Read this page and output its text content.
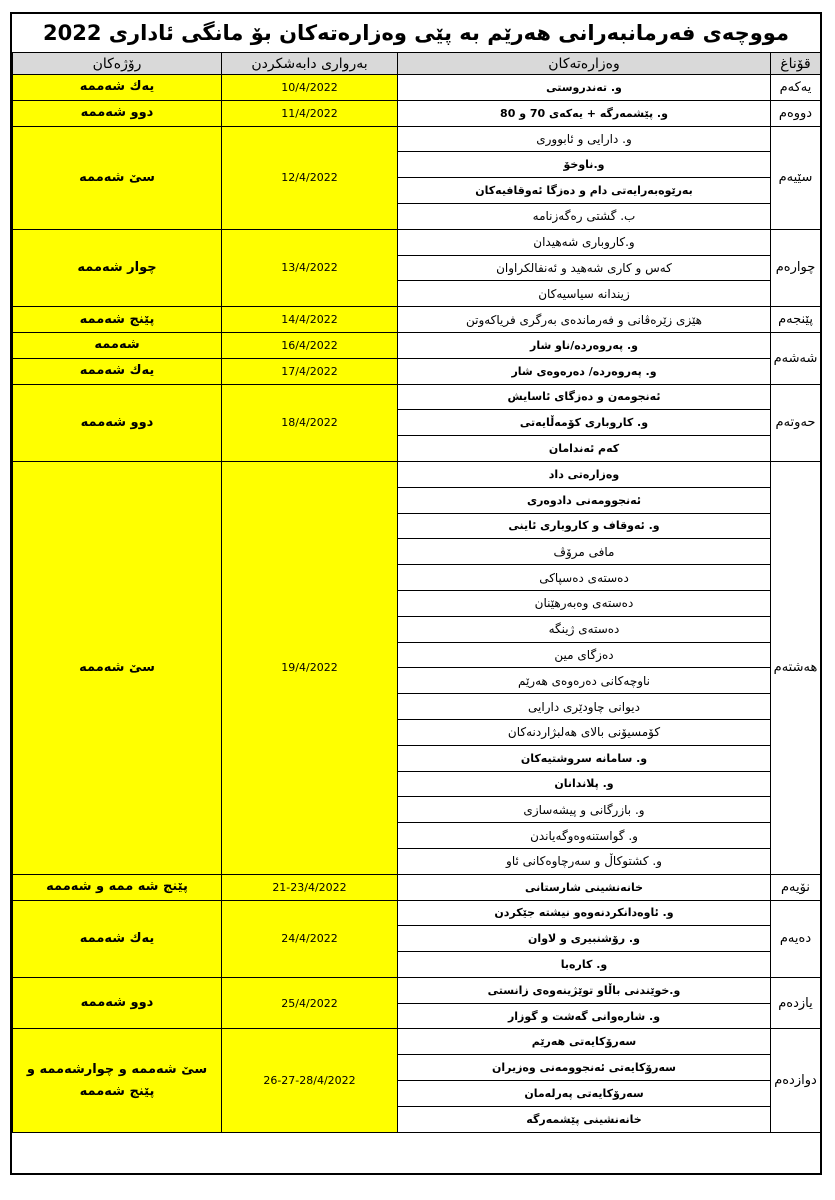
مووچەی فەرمانبەرانی هەرێم بە پێی وەزارەتەکان بۆ مانگی ئاداری 2022
قۆناغ	وەزارەتەکان	بەرواری دابەشکردن	رۆژەکان
یەکەم	و. تەندروستی	10/4/2022	یەك شەممە
دووەم	و. پێشمەرگە + یەکەی 70 و 80	11/4/2022	دوو شەممە
سێیەم	و. دارایی و ئابووری	12/4/2022	سێ شەممە
	و.ناوخۆ		
	بەرێوەبەرایەتی دام و دەزگا ئەوقافیەکان		
	ب. گشتی رەگەزنامە		
چوارەم	و.کاروباری شەهیدان	13/4/2022	چوار شەممە
	کەس و کاری شەهید و ئەنفالکراوان		
	زیندانە سیاسیەکان		
پێنجەم	هێزی زێرەڤانی و فەرماندەی بەرگری فریاکەوتن	14/4/2022	پێنج شەممە
شەشەم	و. پەروەردە/ناو شار	16/4/2022	شەممە
	و. پەروەردە/ دەرەوەی شار	17/4/2022	یەك شەممە
حەوتەم	ئەنجومەن و دەزگای ئاسایش	18/4/2022	دوو شەممە
	و. کاروباری کۆمەڵایەتی		
	کەم ئەندامان		
هەشتەم	وەزارەتی داد	19/4/2022	سێ شەممە
	ئەنجوومەنی دادوەری		
	و. ئەوقاف و کاروباری ئاینی		
	مافی مرۆڤ		
	دەستەی دەسپاکی		
	دەستەی وەبەرهێنان		
	دەستەی ژینگە		
	دەزگای مین		
	ناوچەکانی دەرەوەی هەرێم		
	دیوانی چاودێری دارایی		
	کۆمسیۆنی بالای هەلبژاردنەکان		
	و. سامانە سروشتیەکان		
	و. پلاندانان		
	و. بازرگانی و پیشەسازی		
	و. گواستنەوەوگەیاندن		
	و. کشتوکاڵ و سەرچاوەکانی ئاو		
نۆیەم	خانەنشینی شارستانی	21-23/4/2022	پێنج شە ممە و شەممە
دەیەم	و. ئاوەدانکردنەوەو نیشتە جێکردن	24/4/2022	یەك شەممە
	و. رۆشنبیری و لاوان		
	و. کارەبا		
یازدەم	و.خوێندنی باڵاو توێژینەوەی زانستی	25/4/2022	دوو شەممە
	و. شارەوانی گەشت و گوزار		
دوازدەم	سەرۆکایەتی هەرێم	26-27-28/4/2022	سێ شەممە و چوارشەممە و پێنج شەممە
	سەرۆکایەتی ئەنجوومەنی وەزیران		
	سەرۆکایەتی پەرلەمان		
	خانەنشینی پێشمەرگە		
